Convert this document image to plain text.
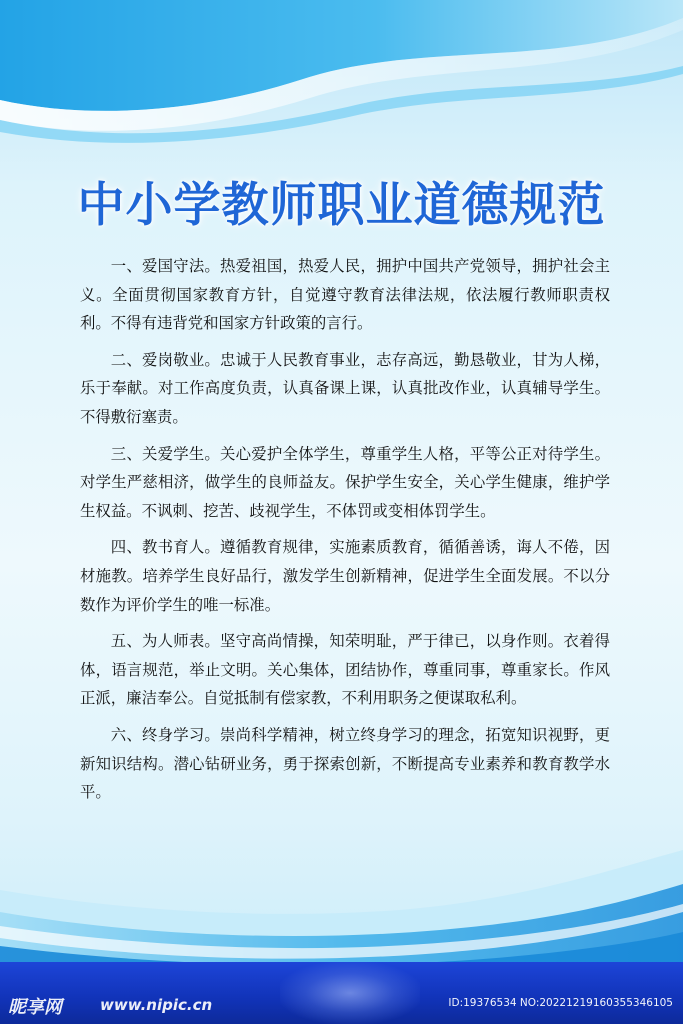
中小学教师职业道德规范

一、爱国守法。热爱祖国，热爱人民，拥护中国共产党领导，拥护社会主义。全面贯彻国家教育方针，自觉遵守教育法律法规，依法履行教师职责权利。不得有违背党和国家方针政策的言行。

二、爱岗敬业。忠诚于人民教育事业，志存高远，勤恳敬业，甘为人梯，乐于奉献。对工作高度负责，认真备课上课，认真批改作业，认真辅导学生。不得敷衍塞责。

三、关爱学生。关心爱护全体学生，尊重学生人格，平等公正对待学生。对学生严慈相济，做学生的良师益友。保护学生安全，关心学生健康，维护学生权益。不讽刺、挖苦、歧视学生，不体罚或变相体罚学生。

四、教书育人。遵循教育规律，实施素质教育，循循善诱，诲人不倦，因材施教。培养学生良好品行，激发学生创新精神，促进学生全面发展。不以分数作为评价学生的唯一标准。

五、为人师表。坚守高尚情操，知荣明耻，严于律已，以身作则。衣着得体，语言规范，举止文明。关心集体，团结协作，尊重同事，尊重家长。作风正派，廉洁奉公。自觉抵制有偿家教，不利用职务之便谋取私利。

六、终身学习。崇尚科学精神，树立终身学习的理念，拓宽知识视野，更新知识结构。潜心钻研业务，勇于探索创新，不断提高专业素养和教育教学水平。

昵享网	www.nipic.cn	ID:19376534 NO:20221219160355346105
